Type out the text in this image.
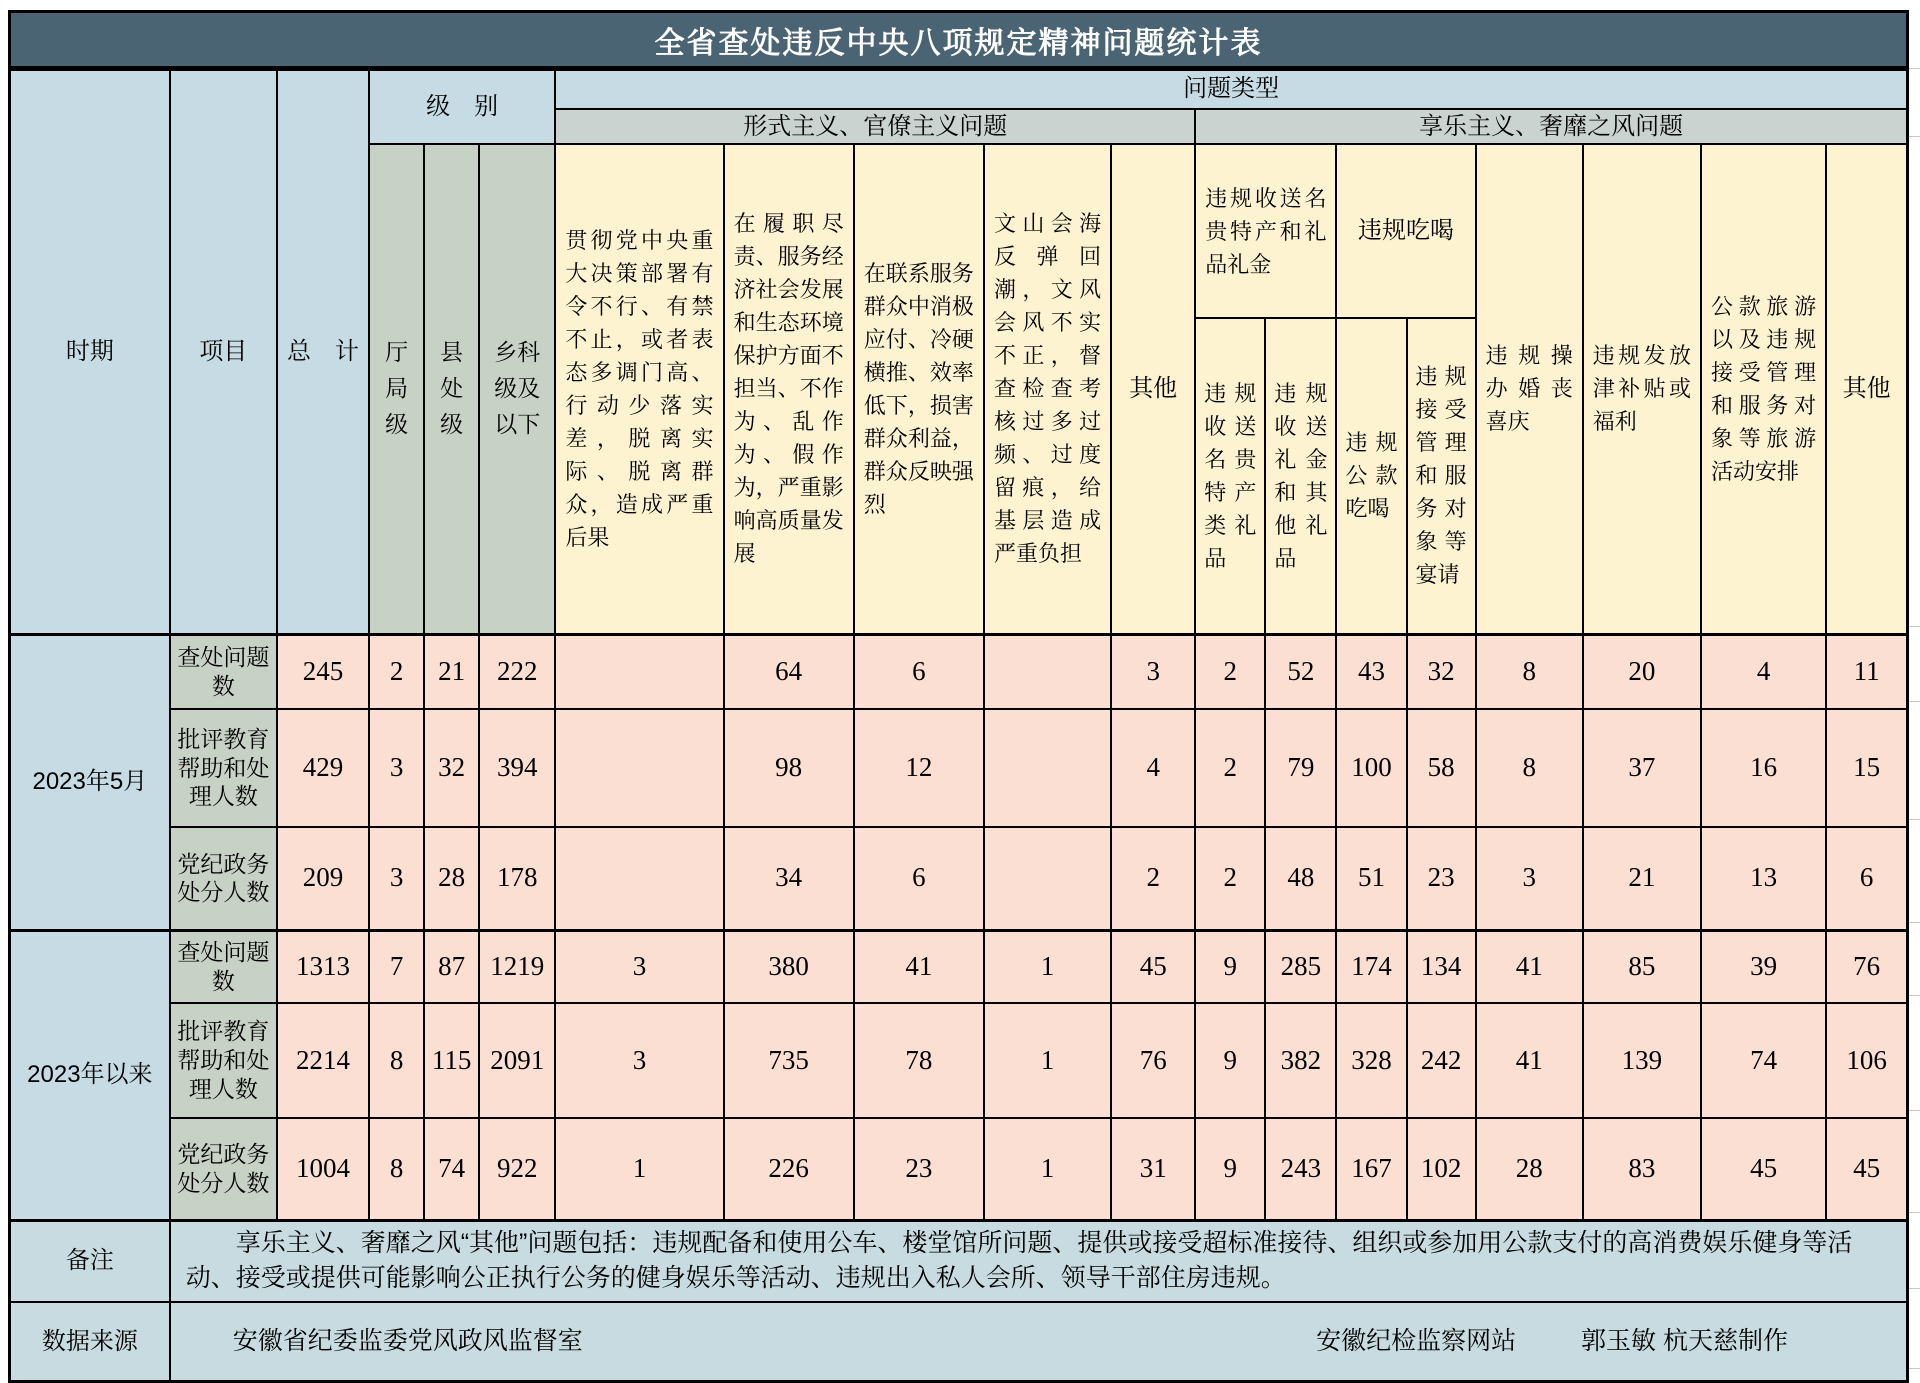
全省查处违反中央八项规定精神问题统计表
时期	项目	总　计	级　别			问题类型												
						形式主义、官僚主义问题					享乐主义、奢靡之风问题							
			厅局级	县处级	乡科级及以下	贯彻党中央重大决策部署有令不行、有禁不止，或者表态多调门高、行动少落实差，脱离实际、脱离群众，造成严重后果	在履职尽责、服务经济社会发展和生态环境保护方面不担当、不作为、乱作为、假作为，严重影响高质量发展	在联系服务群众中消极应付、冷硬横推、效率低下，损害群众利益，群众反映强烈	文山会海反弹回潮，文风会风不实不正，督查检查考核过多过频、过度留痕，给基层造成严重负担	其他	违规收送名贵特产和礼品礼金		违规吃喝		违规操办婚丧喜庆	违规发放津补贴或福利	公款旅游以及违规接受管理和服务对象等旅游活动安排	其他
											违规收送名贵特产类礼品	违规收送礼金和其他礼品	违规公款吃喝	违规接受管理和服务对象等宴请				
2023年5月	查处问题数	245	2	21	222		64	6		3	2	52	43	32	8	20	4	11
	批评教育帮助和处理人数	429	3	32	394		98	12		4	2	79	100	58	8	37	16	15
	党纪政务处分人数	209	3	28	178		34	6		2	2	48	51	23	3	21	13	6
2023年以来	查处问题数	1313	7	87	1219	3	380	41	1	45	9	285	174	134	41	85	39	76
	批评教育帮助和处理人数	2214	8	115	2091	3	735	78	1	76	9	382	328	242	41	139	74	106
	党纪政务处分人数	1004	8	74	922	1	226	23	1	31	9	243	167	102	28	83	45	45
备注	享乐主义、奢靡之风“其他”问题包括：违规配备和使用公车、楼堂馆所问题、提供或接受超标准接待、组织或参加用公款支付的高消费娱乐健身等活动、接受或提供可能影响公正执行公务的健身娱乐等活动、违规出入私人会所、领导干部住房违规。																	
数据来源	安徽省纪委监委党风政风监督室 安徽纪检监察网站 郭玉敏 杭天慈制作																	
